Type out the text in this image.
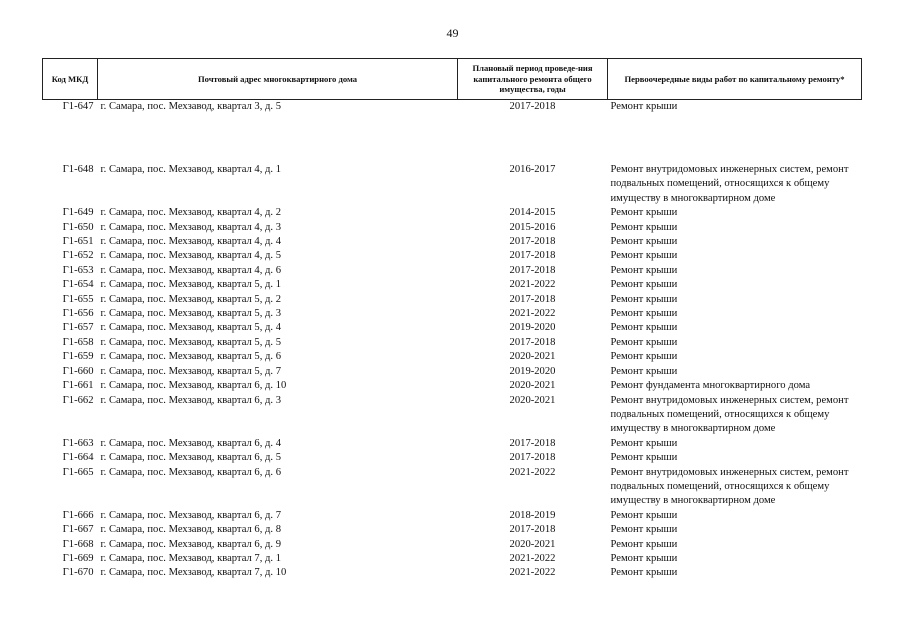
49
Код МКД	Почтовый адрес многоквартирного дома	Плановый период проведе-ния капитального ремонта общего имущества, годы	Первоочередные виды работ по капитальному ремонту*
Г1-647	г. Самара, пос. Мехзавод, квартал 3, д. 5	2017-2018	Ремонт крыши
Г1-648	г. Самара, пос. Мехзавод, квартал 4, д. 1	2016-2017	Ремонт внутридомовых инженерных систем, ремонт подвальных помещений, относящихся к общему имуществу в многоквартирном доме
Г1-649	г. Самара, пос. Мехзавод, квартал 4, д. 2	2014-2015	Ремонт крыши
Г1-650	г. Самара, пос. Мехзавод, квартал 4, д. 3	2015-2016	Ремонт крыши
Г1-651	г. Самара, пос. Мехзавод, квартал 4, д. 4	2017-2018	Ремонт крыши
Г1-652	г. Самара, пос. Мехзавод, квартал 4, д. 5	2017-2018	Ремонт крыши
Г1-653	г. Самара, пос. Мехзавод, квартал 4, д. 6	2017-2018	Ремонт крыши
Г1-654	г. Самара, пос. Мехзавод, квартал 5, д. 1	2021-2022	Ремонт крыши
Г1-655	г. Самара, пос. Мехзавод, квартал 5, д. 2	2017-2018	Ремонт крыши
Г1-656	г. Самара, пос. Мехзавод, квартал 5, д. 3	2021-2022	Ремонт крыши
Г1-657	г. Самара, пос. Мехзавод, квартал 5, д. 4	2019-2020	Ремонт крыши
Г1-658	г. Самара, пос. Мехзавод, квартал 5, д. 5	2017-2018	Ремонт крыши
Г1-659	г. Самара, пос. Мехзавод, квартал 5, д. 6	2020-2021	Ремонт крыши
Г1-660	г. Самара, пос. Мехзавод, квартал 5, д. 7	2019-2020	Ремонт крыши
Г1-661	г. Самара, пос. Мехзавод, квартал 6, д. 10	2020-2021	Ремонт фундамента многоквартирного дома
Г1-662	г. Самара, пос. Мехзавод, квартал 6, д. 3	2020-2021	Ремонт внутридомовых инженерных систем, ремонт подвальных помещений, относящихся к общему имуществу в многоквартирном доме
Г1-663	г. Самара, пос. Мехзавод, квартал 6, д. 4	2017-2018	Ремонт крыши
Г1-664	г. Самара, пос. Мехзавод, квартал 6, д. 5	2017-2018	Ремонт крыши
Г1-665	г. Самара, пос. Мехзавод, квартал 6, д. 6	2021-2022	Ремонт внутридомовых инженерных систем, ремонт подвальных помещений, относящихся к общему имуществу в многоквартирном доме
Г1-666	г. Самара, пос. Мехзавод, квартал 6, д. 7	2018-2019	Ремонт крыши
Г1-667	г. Самара, пос. Мехзавод, квартал 6, д. 8	2017-2018	Ремонт крыши
Г1-668	г. Самара, пос. Мехзавод, квартал 6, д. 9	2020-2021	Ремонт крыши
Г1-669	г. Самара, пос. Мехзавод, квартал 7, д. 1	2021-2022	Ремонт крыши
Г1-670	г. Самара, пос. Мехзавод, квартал 7, д. 10	2021-2022	Ремонт крыши
